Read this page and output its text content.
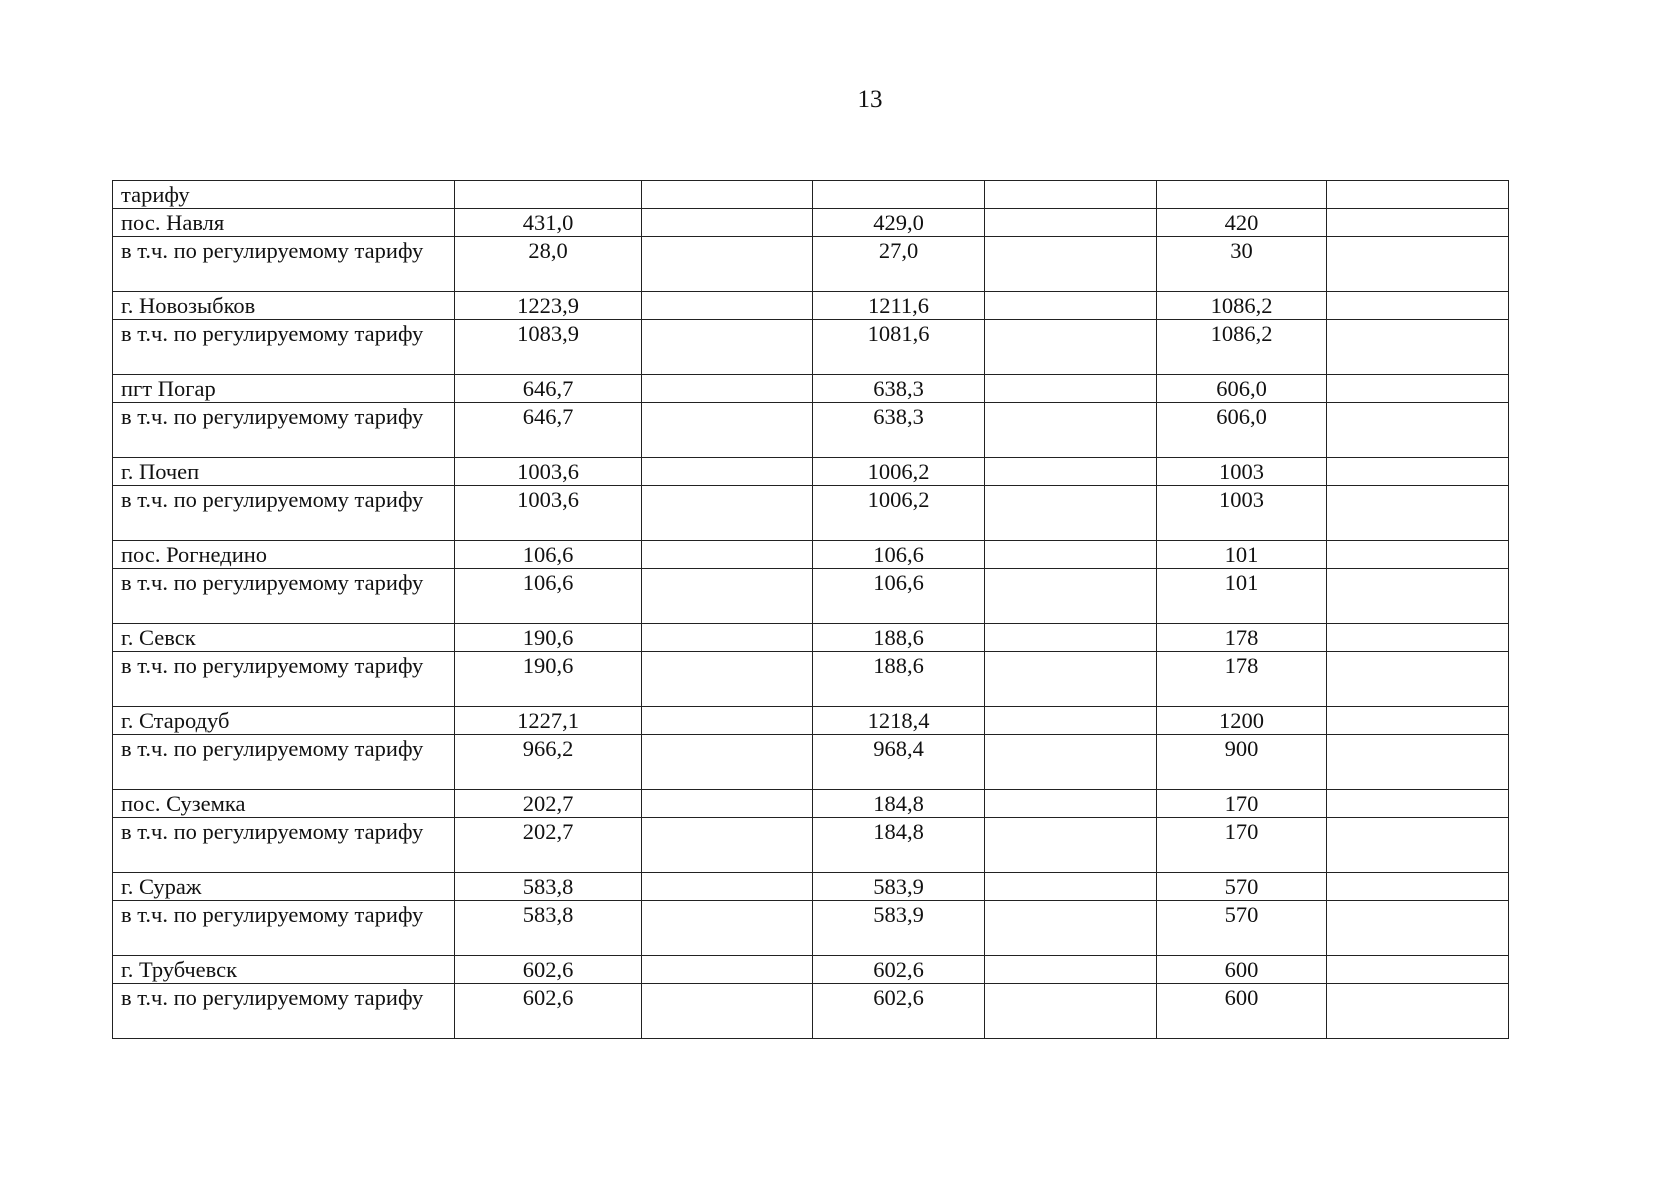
13
тарифу						
пос. Навля	431,0		429,0		420	
в т.ч. по регулируемому тарифу	28,0		27,0		30	
г. Новозыбков	1223,9		1211,6		1086,2	
в т.ч. по регулируемому тарифу	1083,9		1081,6		1086,2	
пгт Погар	646,7		638,3		606,0	
в т.ч. по регулируемому тарифу	646,7		638,3		606,0	
г. Почеп	1003,6		1006,2		1003	
в т.ч. по регулируемому тарифу	1003,6		1006,2		1003	
пос. Рогнедино	106,6		106,6		101	
в т.ч. по регулируемому тарифу	106,6		106,6		101	
г. Севск	190,6		188,6		178	
в т.ч. по регулируемому тарифу	190,6		188,6		178	
г. Стародуб	1227,1		1218,4		1200	
в т.ч. по регулируемому тарифу	966,2		968,4		900	
пос. Суземка	202,7		184,8		170	
в т.ч. по регулируемому тарифу	202,7		184,8		170	
г. Сураж	583,8		583,9		570	
в т.ч. по регулируемому тарифу	583,8		583,9		570	
г. Трубчевск	602,6		602,6		600	
в т.ч. по регулируемому тарифу	602,6		602,6		600	
